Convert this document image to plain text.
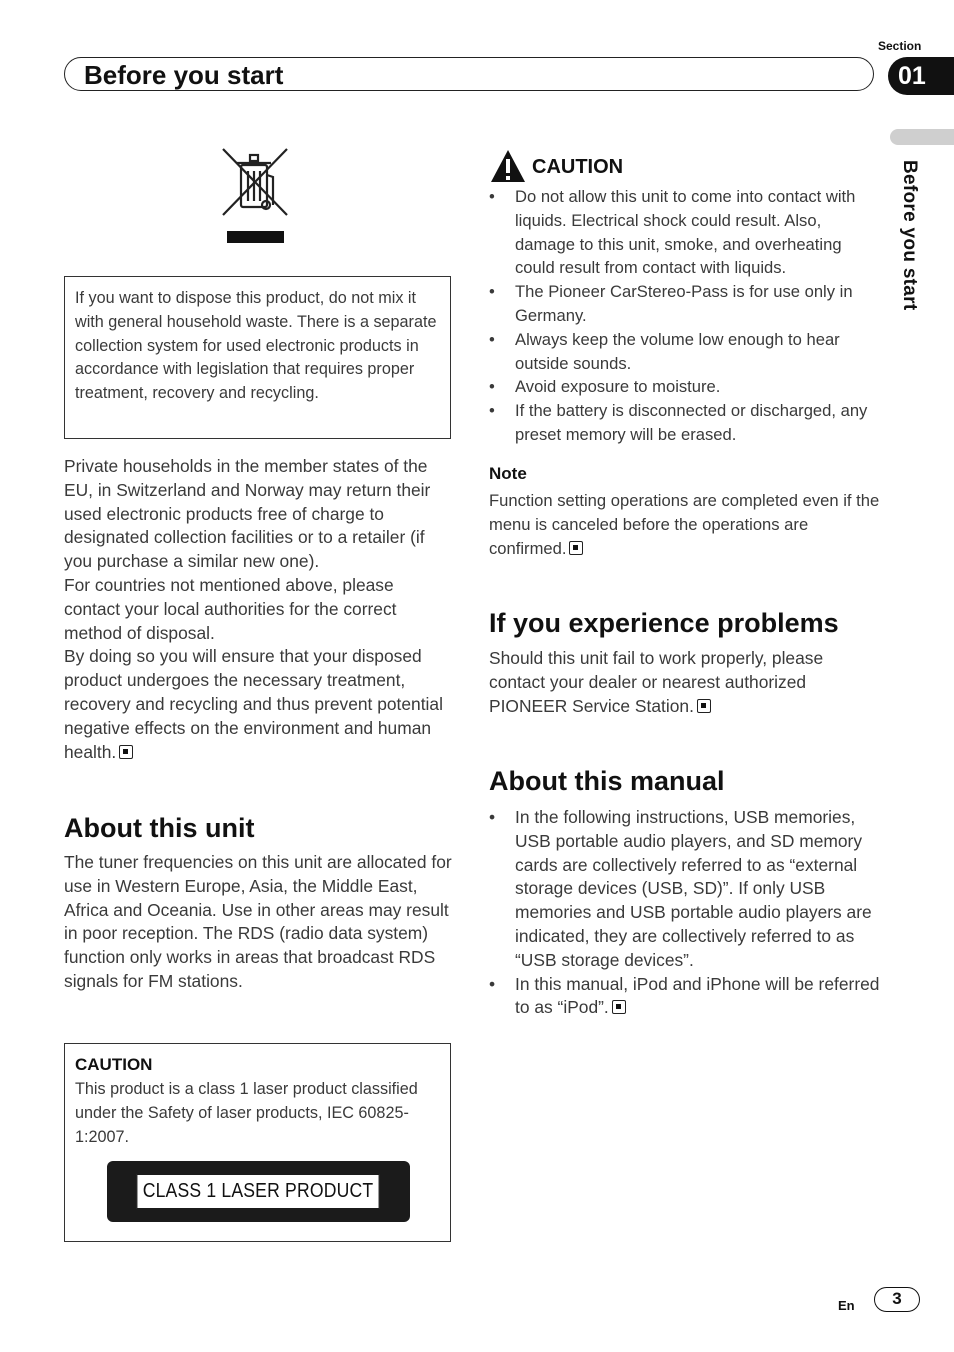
Before you start
Section
01
Before you start

If you want to dispose this product, do not mix it with general household waste. There is a separate collection system for used electronic products in accordance with legislation that requires proper treatment, recovery and recycling.

Private households in the member states of the EU, in Switzerland and Norway may return their used electronic products free of charge to designated collection facilities or to a retailer (if you purchase a similar new one).

For countries not mentioned above, please contact your local authorities for the correct method of disposal.

By doing so you will ensure that your disposed product undergoes the necessary treatment, recovery and recycling and thus prevent potential negative effects on the environment and human health.

About this unit

The tuner frequencies on this unit are allocated for use in Western Europe, Asia, the Middle East, Africa and Oceania. Use in other areas may result in poor reception. The RDS (radio data system) function only works in areas that broadcast RDS signals for FM stations.

CAUTION

This product is a class 1 laser product classified under the Safety of laser products, IEC 60825-1:2007.

CLASS 1 LASER PRODUCT
CAUTION
• Do not allow this unit to come into contact with liquids. Electrical shock could result. Also, damage to this unit, smoke, and overheating could result from contact with liquids.
• The Pioneer CarStereo-Pass is for use only in Germany.
• Always keep the volume low enough to hear outside sounds.
• Avoid exposure to moisture.
• If the battery is disconnected or discharged, any preset memory will be erased.
Note

Function setting operations are completed even if the menu is canceled before the operations are confirmed.

If you experience problems

Should this unit fail to work properly, please contact your dealer or nearest authorized PIONEER Service Station.

About this manual
• In the following instructions, USB memories, USB portable audio players, and SD memory cards are collectively referred to as “external storage devices (USB, SD)”. If only USB memories and USB portable audio players are indicated, they are collectively referred to as “USB storage devices”.
• In this manual, iPod and iPhone will be referred to as “iPod”.
En	3
